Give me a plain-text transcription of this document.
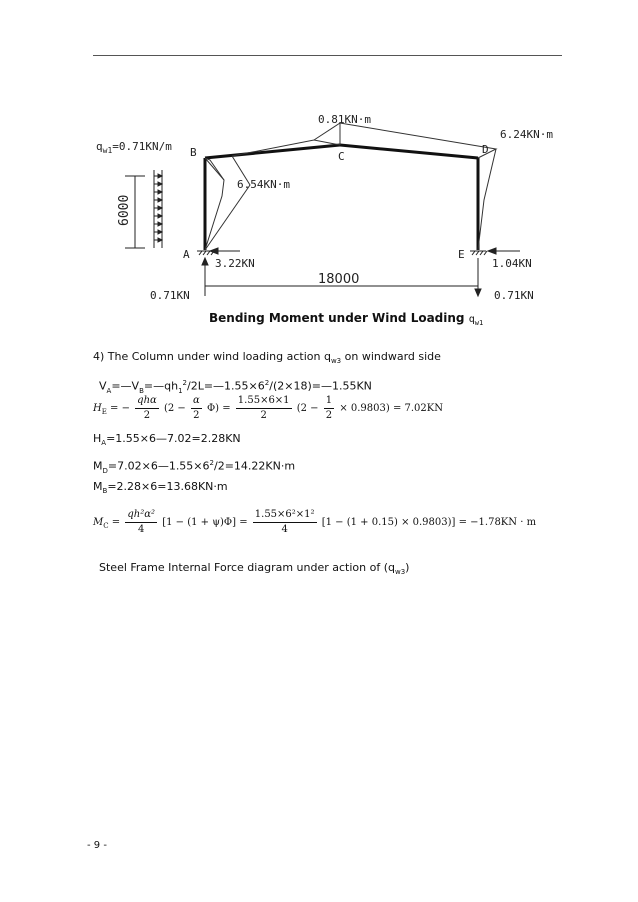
6000
$q_{w1}=0.71KN/m$ B	C
D
A	E
0.81KN·m
6.24KN·m
6.54KN·m
3.22KN	1.04KN
0.71KN	0.71KN
18000
Bending Moment under Wind Loading $q_{w1}$
4) The Column under wind loading action $q_{w3}$ on windward side
$V_A=—V_B=—qh_1^2/2L=—1.55\times 6^2/(2\times 18)=—1.55KN$
$H_E$ = − $\frac{\text{qhα}}{2} (2 - \frac{\alpha}{2} \Phi) = \frac{1.55\times 6\times 1}{2} (2 - \frac{1}{2} \times 0.9803) = 7.02KN$
$H_A=1.55\times 6—7.02=2.28KN$
$M_D=7.02\times 6—1.55\times 6^2/2=14.22KN\cdot m$
$M_B=2.28\times 6=13.68KN\cdot m$
$M_C = \frac{\text{qh²α²}}{4} [1 - (1 + \psi)\Phi] = \frac{\text{1.55×6²×1²}}{4} [1 - (1 + 0.15) \times 0.9803)] = -1.78KN \cdot m$
Steel Frame Internal Force diagram under action of $(q_{w3})$
- 9 -
